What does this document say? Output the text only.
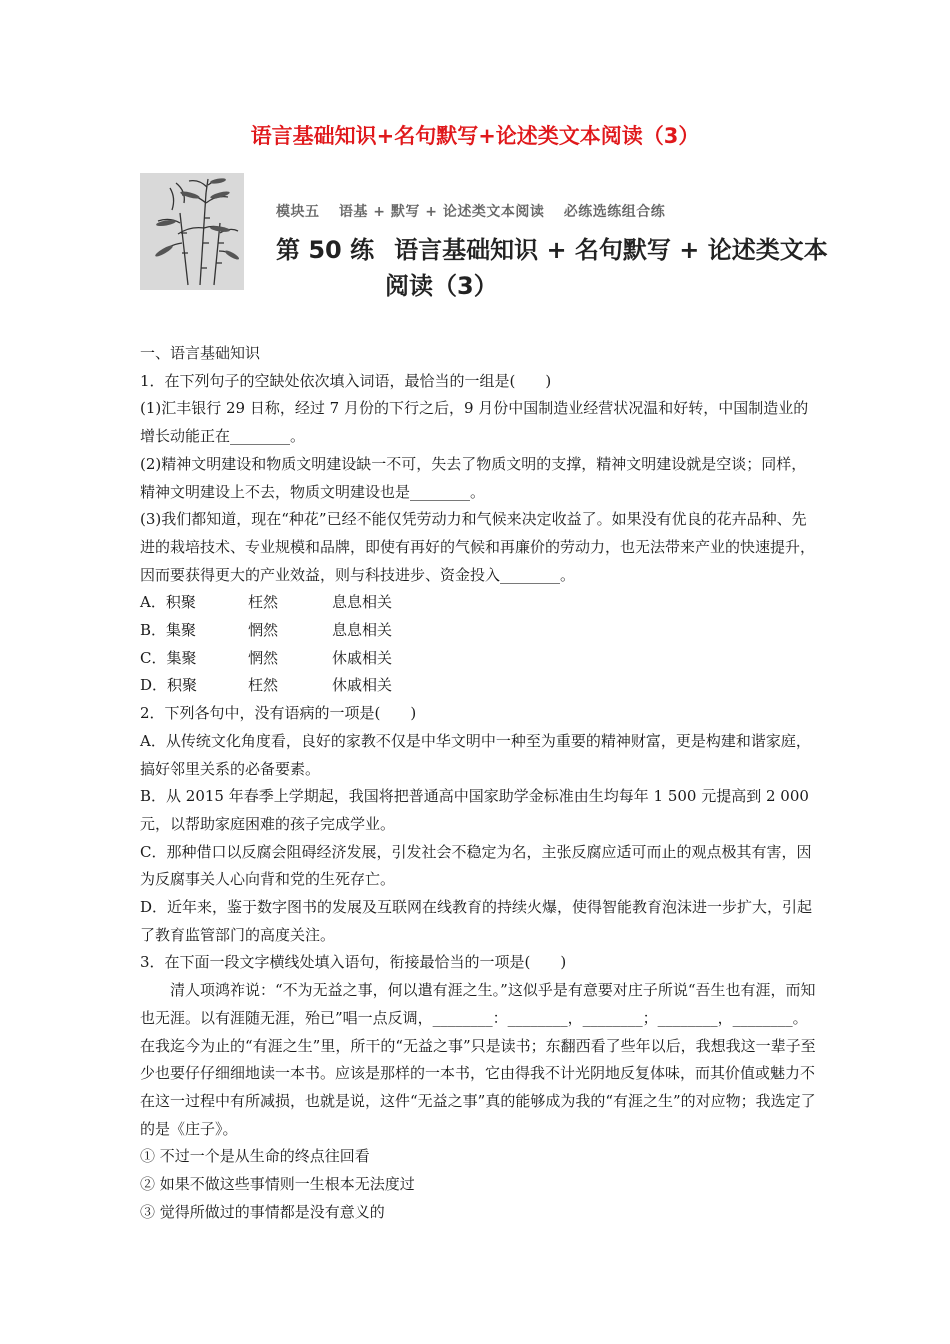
语言基础知识+名句默写+论述类文本阅读（3）
模块五 语基 + 默写 + 论述类文本阅读 必练选练组合练
第 50 练 语言基础知识 + 名句默写 + 论述类文本
阅读（3）

一、语言基础知识

1．在下列句子的空缺处依次填入词语，最恰当的一组是(　　)

(1)汇丰银行 29 日称，经过 7 月份的下行之后，9 月份中国制造业经营状况温和好转，中国制造业的增长动能正在________。

(2)精神文明建设和物质文明建设缺一不可，失去了物质文明的支撑，精神文明建设就是空谈；同样，精神文明建设上不去，物质文明建设也是________。

(3)我们都知道，现在“种花”已经不能仅凭劳动力和气候来决定收益了。如果没有优良的花卉品种、先进的栽培技术、专业规模和品牌，即使有再好的气候和再廉价的劳动力，也无法带来产业的快速提升，因而要获得更大的产业效益，则与科技进步、资金投入________。

A．积聚	枉然	息息相关
B．集聚	惘然	息息相关
C．集聚	惘然	休戚相关
D．积聚	枉然	休戚相关

2．下列各句中，没有语病的一项是(　　)

A．从传统文化角度看，良好的家教不仅是中华文明中一种至为重要的精神财富，更是构建和谐家庭，搞好邻里关系的必备要素。

B．从 2015 年春季上学期起，我国将把普通高中国家助学金标准由生均每年 1 500 元提高到 2 000 元，以帮助家庭困难的孩子完成学业。

C．那种借口以反腐会阻碍经济发展，引发社会不稳定为名，主张反腐应适可而止的观点极其有害，因为反腐事关人心向背和党的生死存亡。

D．近年来，鉴于数字图书的发展及互联网在线教育的持续火爆，使得智能教育泡沫进一步扩大，引起了教育监管部门的高度关注。

3．在下面一段文字横线处填入语句，衔接最恰当的一项是(　　)

清人项鸿祚说：“不为无益之事，何以遣有涯之生。”这似乎是有意要对庄子所说“吾生也有涯，而知也无涯。以有涯随无涯，殆已”唱一点反调，________：________，________；________，________。在我迄今为止的“有涯之生”里，所干的“无益之事”只是读书；东翻西看了些年以后，我想我这一辈子至少也要仔仔细细地读一本书。应该是那样的一本书，它由得我不计光阴地反复体味，而其价值或魅力不在这一过程中有所减损，也就是说，这件“无益之事”真的能够成为我的“有涯之生”的对应物；我选定了的是《庄子》。

① 不过一个是从生命的终点往回看

② 如果不做这些事情则一生根本无法度过

③ 觉得所做过的事情都是没有意义的
